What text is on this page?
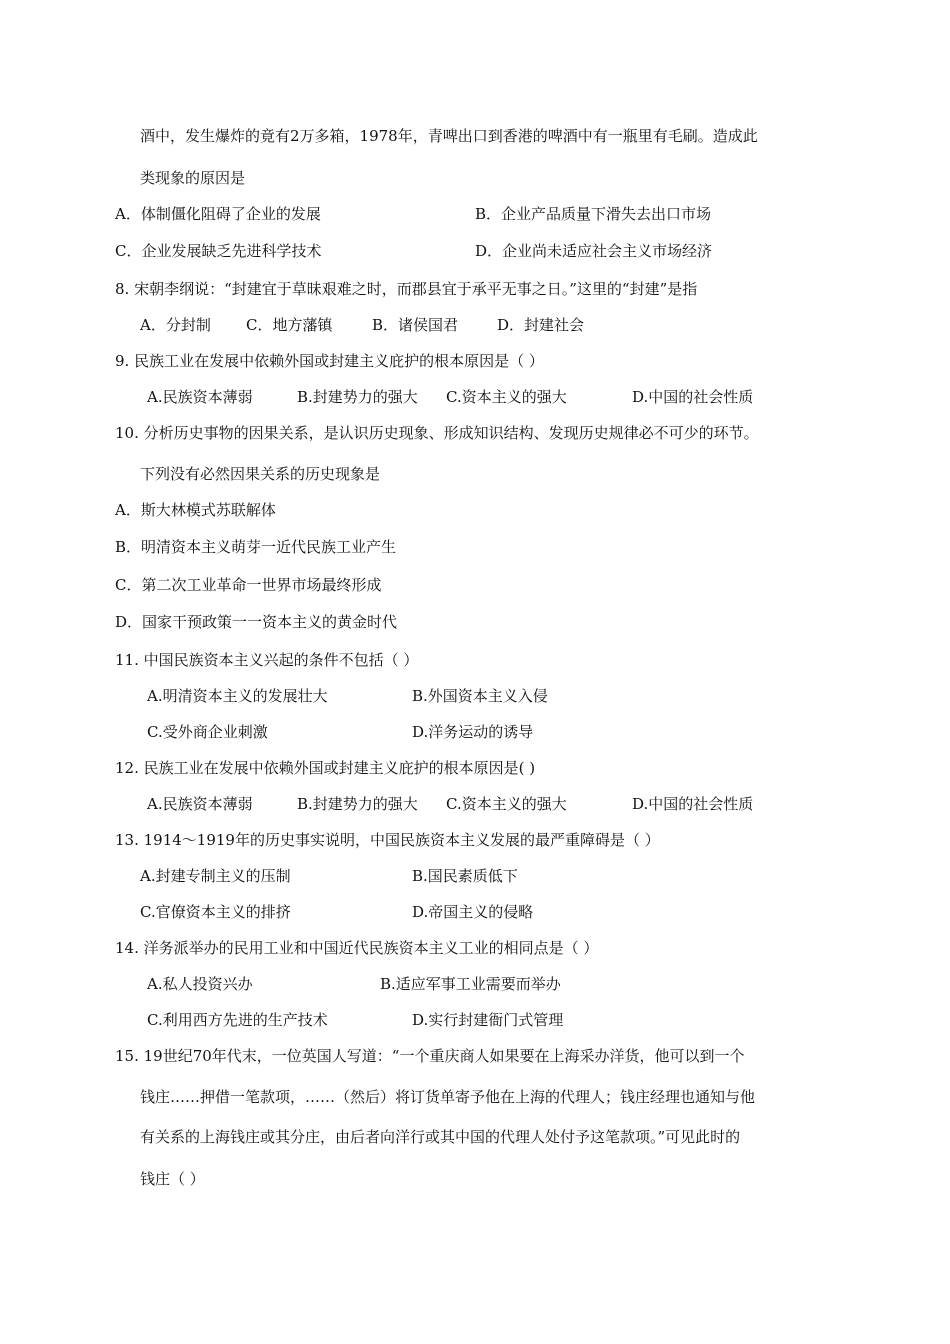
酒中，发生爆炸的竟有2万多箱，1978年，青啤出口到香港的啤酒中有一瓶里有毛刷。造成此
类现象的原因是
A．体制僵化阻碍了企业的发展	B．企业产品质量下滑失去出口市场
C．企业发展缺乏先进科学技术	D．企业尚未适应社会主义市场经济
8. 宋朝李纲说：“封建宜于草昧艰难之时，而郡县宜于承平无事之日。”这里的“封建”是指
A．分封制 C．地方藩镇	B．诸侯国君	D．封建社会
9. 民族工业在发展中依赖外国或封建主义庇护的根本原因是（ ）
A.民族资本薄弱	B.封建势力的强大 C.资本主义的强大	D.中国的社会性质
10. 分析历史事物的因果关系，是认识历史现象、形成知识结构、发现历史规律必不可少的环节。
下列没有必然因果关系的历史现象是
A．斯大林模式苏联解体
B．明清资本主义萌芽一近代民族工业产生
C．第二次工业革命一世界市场最终形成
D．国家干预政策一一资本主义的黄金时代
11. 中国民族资本主义兴起的条件不包括（ ）
A.明清资本主义的发展壮大	B.外国资本主义入侵
C.受外商企业刺激	D.洋务运动的诱导
12. 民族工业在发展中依赖外国或封建主义庇护的根本原因是( )
A.民族资本薄弱	B.封建势力的强大 C.资本主义的强大	D.中国的社会性质
13. 1914～1919年的历史事实说明，中国民族资本主义发展的最严重障碍是（ ）
A.封建专制主义的压制	B.国民素质低下
C.官僚资本主义的排挤	D.帝国主义的侵略
14. 洋务派举办的民用工业和中国近代民族资本主义工业的相同点是（ ）
A.私人投资兴办	B.适应军事工业需要而举办
C.利用西方先进的生产技术	D.实行封建衙门式管理
15. 19世纪70年代末，一位英国人写道：“一个重庆商人如果要在上海采办洋货，他可以到一个
钱庄……押借一笔款项，……（然后）将订货单寄予他在上海的代理人；钱庄经理也通知与他
有关系的上海钱庄或其分庄，由后者向洋行或其中国的代理人处付予这笔款项。”可见此时的
钱庄（ ）
